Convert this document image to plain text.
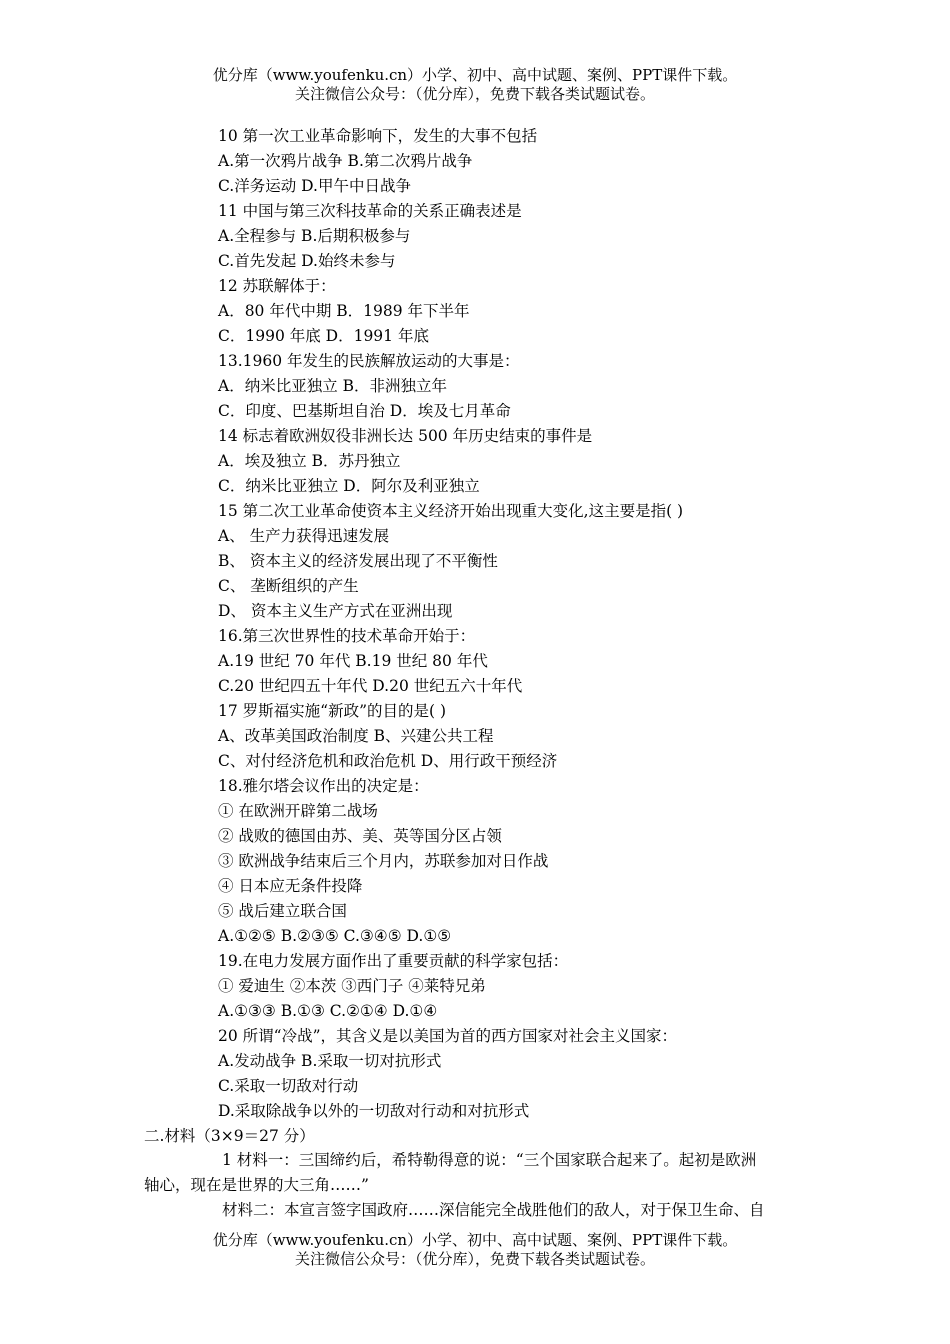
优分库（www.youfenku.cn）小学、初中、高中试题、案例、PPT课件下载。
关注微信公众号：（优分库），免费下载各类试题试卷。
10 第一次工业革命影响下，发生的大事不包括
A.第一次鸦片战争 B.第二次鸦片战争
C.洋务运动 D.甲午中日战争
11 中国与第三次科技革命的关系正确表述是
A.全程参与 B.后期积极参与
C.首先发起 D.始终未参与
12 苏联解体于：
A．80 年代中期 B．1989 年下半年
C．1990 年底 D．1991 年底
13.1960 年发生的民族解放运动的大事是：
A．纳米比亚独立 B．非洲独立年
C．印度、巴基斯坦自治 D．埃及七月革命
14 标志着欧洲奴役非洲长达 500 年历史结束的事件是
A．埃及独立 B．苏丹独立
C．纳米比亚独立 D．阿尔及利亚独立
15 第二次工业革命使资本主义经济开始出现重大变化,这主要是指( )
A、 生产力获得迅速发展
B、 资本主义的经济发展出现了不平衡性
C、 垄断组织的产生
D、 资本主义生产方式在亚洲出现
16.第三次世界性的技术革命开始于：
A.19 世纪 70 年代 B.19 世纪 80 年代
C.20 世纪四五十年代 D.20 世纪五六十年代
17 罗斯福实施“新政”的目的是( )
A、改革美国政治制度 B、兴建公共工程
C、对付经济危机和政治危机 D、用行政干预经济
18.雅尔塔会议作出的决定是：
① 在欧洲开辟第二战场
② 战败的德国由苏、美、英等国分区占领
③ 欧洲战争结束后三个月内，苏联参加对日作战
④ 日本应无条件投降
⑤ 战后建立联合国
A.①②⑤ B.②③⑤ C.③④⑤ D.①⑤
19.在电力发展方面作出了重要贡献的科学家包括：
① 爱迪生 ②本茨 ③西门子 ④莱特兄弟
A.①③③ B.①③ C.②①④ D.①④
20 所谓“冷战”，其含义是以美国为首的西方国家对社会主义国家：
A.发动战争 B.采取一切对抗形式
C.采取一切敌对行动
D.采取除战争以外的一切敌对行动和对抗形式
二.材料（3×9＝27 分）
1 材料一：三国缔约后，希特勒得意的说：“三个国家联合起来了。起初是欧洲
轴心，现在是世界的大三角……”
材料二：本宣言签字国政府……深信能完全战胜他们的敌人，对于保卫生命、自
优分库（www.youfenku.cn）小学、初中、高中试题、案例、PPT课件下载。
关注微信公众号：（优分库），免费下载各类试题试卷。
